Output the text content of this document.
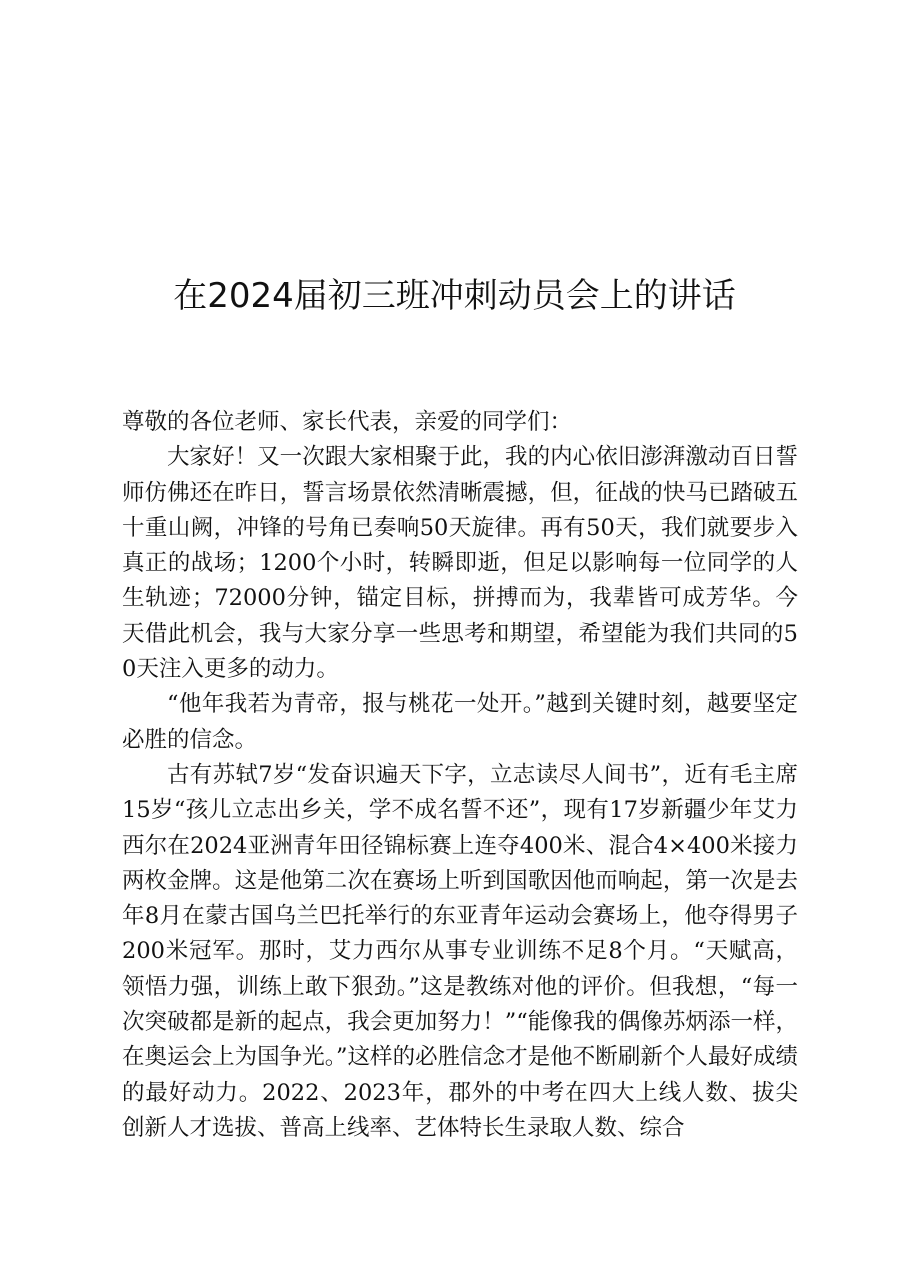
在2024届初三班冲刺动员会上的讲话

尊敬的各位老师、家长代表，亲爱的同学们：

大家好！又一次跟大家相聚于此，我的内心依旧澎湃激动百日誓师仿佛还在昨日，誓言场景依然清晰震撼，但，征战的快马已踏破五十重山阙，冲锋的号角已奏响50天旋律。再有50天，我们就要步入真正的战场；1200个小时，转瞬即逝，但足以影响每一位同学的人生轨迹；72000分钟，锚定目标，拼搏而为，我辈皆可成芳华。今天借此机会，我与大家分享一些思考和期望，希望能为我们共同的50天注入更多的动力。

“他年我若为青帝，报与桃花一处开。”越到关键时刻，越要坚定必胜的信念。

古有苏轼7岁“发奋识遍天下字，立志读尽人间书”，近有毛主席15岁“孩儿立志出乡关，学不成名誓不还”，现有17岁新疆少年艾力西尔在2024亚洲青年田径锦标赛上连夺400米、混合4×400米接力两枚金牌。这是他第二次在赛场上听到国歌因他而响起，第一次是去年8月在蒙古国乌兰巴托举行的东亚青年运动会赛场上，他夺得男子200米冠军。那时，艾力西尔从事专业训练不足8个月。“天赋高，领悟力强，训练上敢下狠劲。”这是教练对他的评价。但我想，“每一次突破都是新的起点，我会更加努力！”“能像我的偶像苏炳添一样，在奥运会上为国争光。”这样的必胜信念才是他不断刷新个人最好成绩的最好动力。2022、2023年，郡外的中考在四大上线人数、拔尖创新人才选拔、普高上线率、艺体特长生录取人数、综合
